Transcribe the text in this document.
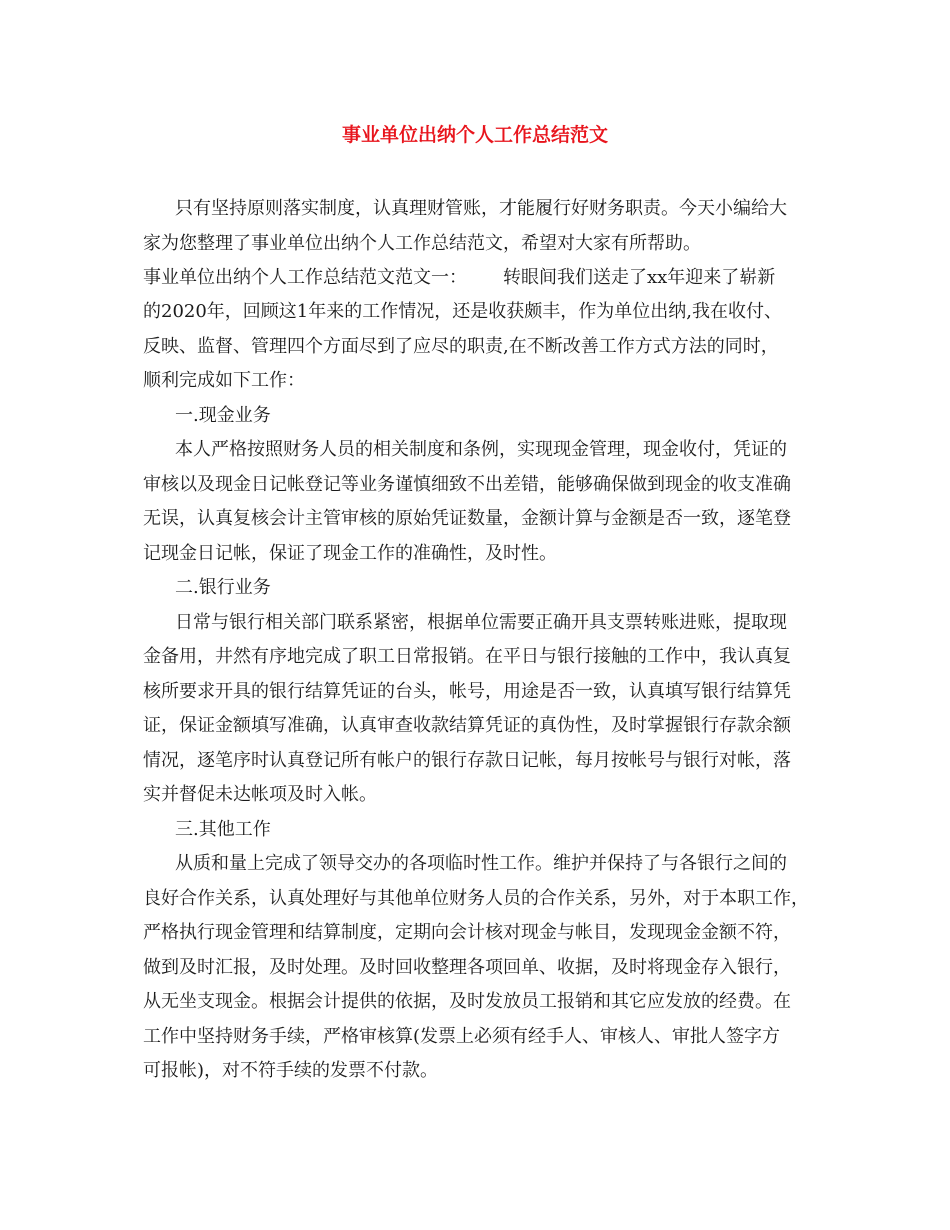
事业单位出纳个人工作总结范文
只有坚持原则落实制度，认真理财管账，才能履行好财务职责。今天小编给大
家为您整理了事业单位出纳个人工作总结范文，希望对大家有所帮助。
事业单位出纳个人工作总结范文范文一： 转眼间我们送走了xx年迎来了崭新
的2020年，回顾这1年来的工作情况，还是收获颇丰，作为单位出纳,我在收付、
反映、监督、管理四个方面尽到了应尽的职责,在不断改善工作方式方法的同时，
顺利完成如下工作：
一.现金业务
本人严格按照财务人员的相关制度和条例，实现现金管理，现金收付，凭证的
审核以及现金日记帐登记等业务谨慎细致不出差错，能够确保做到现金的收支准确
无误，认真复核会计主管审核的原始凭证数量，金额计算与金额是否一致，逐笔登
记现金日记帐，保证了现金工作的准确性，及时性。
二.银行业务
日常与银行相关部门联系紧密，根据单位需要正确开具支票转账进账，提取现
金备用，井然有序地完成了职工日常报销。在平日与银行接触的工作中，我认真复
核所要求开具的银行结算凭证的台头，帐号，用途是否一致，认真填写银行结算凭
证，保证金额填写准确，认真审查收款结算凭证的真伪性，及时掌握银行存款余额
情况，逐笔序时认真登记所有帐户的银行存款日记帐，每月按帐号与银行对帐，落
实并督促未达帐项及时入帐。
三.其他工作
从质和量上完成了领导交办的各项临时性工作。维护并保持了与各银行之间的
良好合作关系，认真处理好与其他单位财务人员的合作关系，另外，对于本职工作，
严格执行现金管理和结算制度，定期向会计核对现金与帐目，发现现金金额不符，
做到及时汇报，及时处理。及时回收整理各项回单、收据，及时将现金存入银行，
从无坐支现金。根据会计提供的依据，及时发放员工报销和其它应发放的经费。在
工作中坚持财务手续，严格审核算(发票上必须有经手人、审核人、审批人签字方
可报帐)，对不符手续的发票不付款。
